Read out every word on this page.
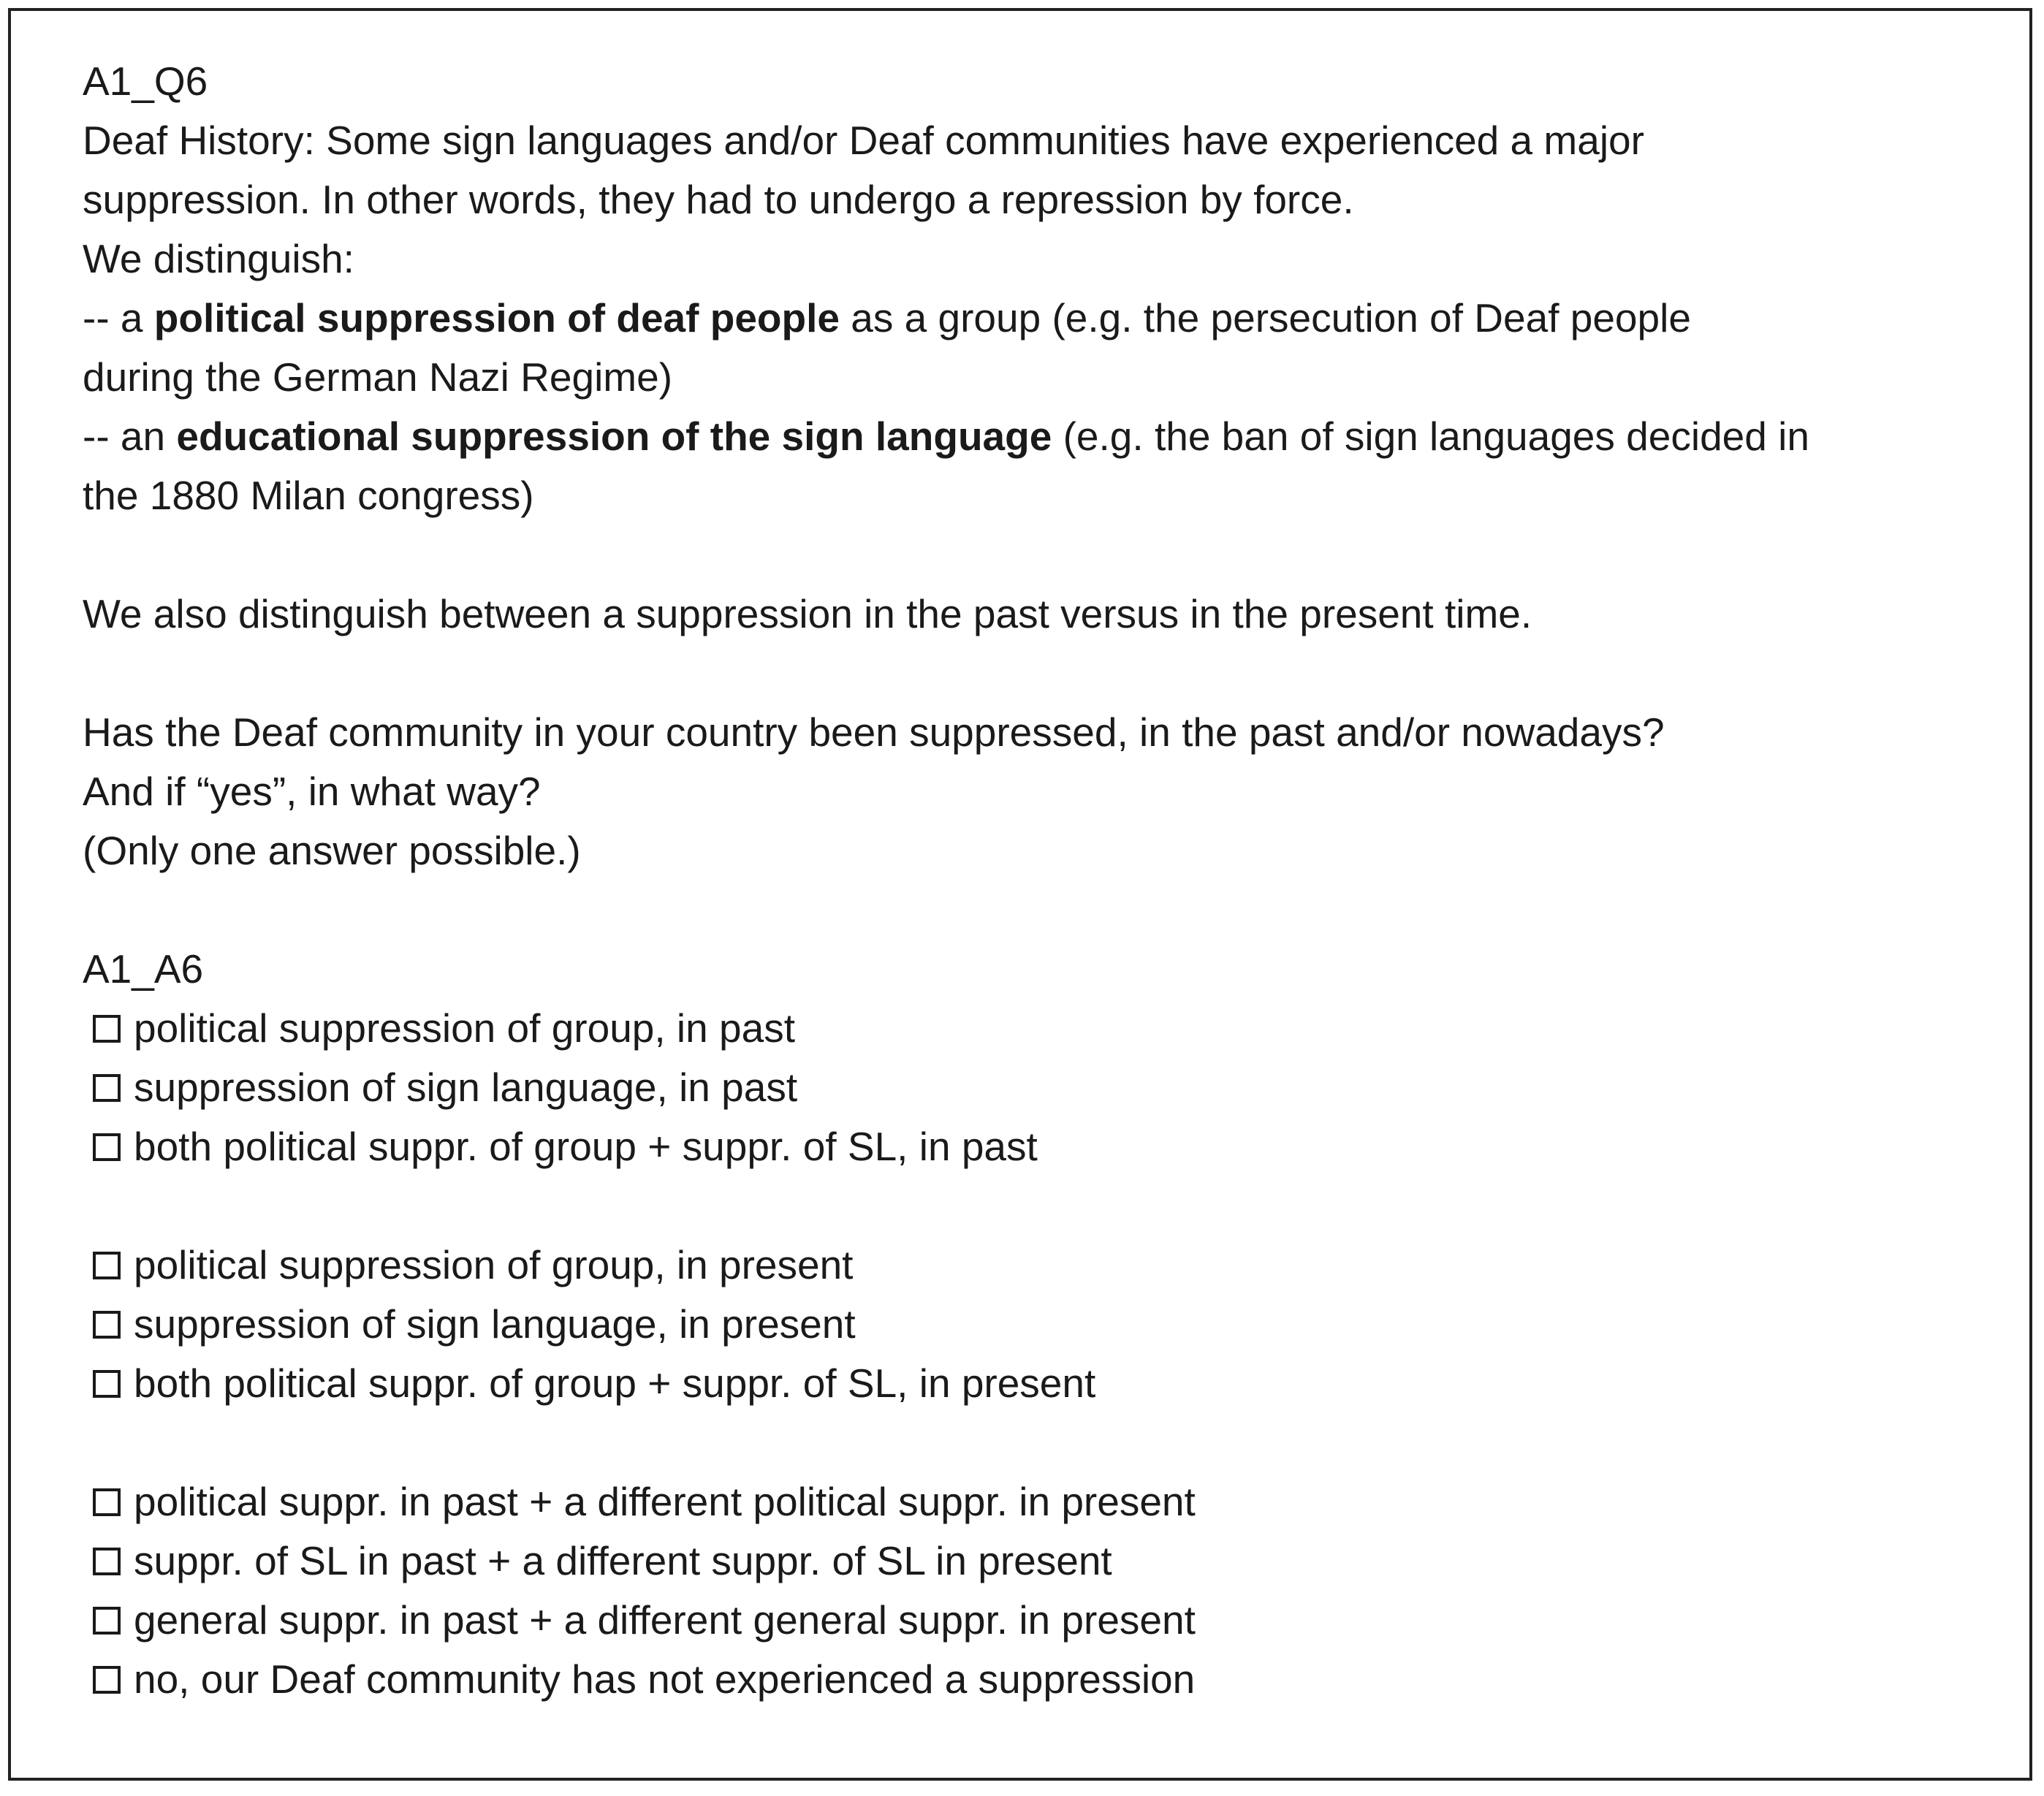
A1_Q6
Deaf History: Some sign languages and/or Deaf communities have experienced a major
suppression. In other words, they had to undergo a repression by force.
We distinguish:
-- a political suppression of deaf people as a group (e.g. the persecution of Deaf people
during the German Nazi Regime)
-- an educational suppression of the sign language (e.g. the ban of sign languages decided in
the 1880 Milan congress)
We also distinguish between a suppression in the past versus in the present time.
Has the Deaf community in your country been suppressed, in the past and/or nowadays?
And if “yes”, in what way?
(Only one answer possible.)
A1_A6
political suppression of group, in past
suppression of sign language, in past
both political suppr. of group + suppr. of SL, in past
political suppression of group, in present
suppression of sign language, in present
both political suppr. of group + suppr. of SL, in present
political suppr. in past + a different political suppr. in present
suppr. of SL in past + a different suppr. of SL in present
general suppr. in past + a different general suppr. in present
no, our Deaf community has not experienced a suppression
